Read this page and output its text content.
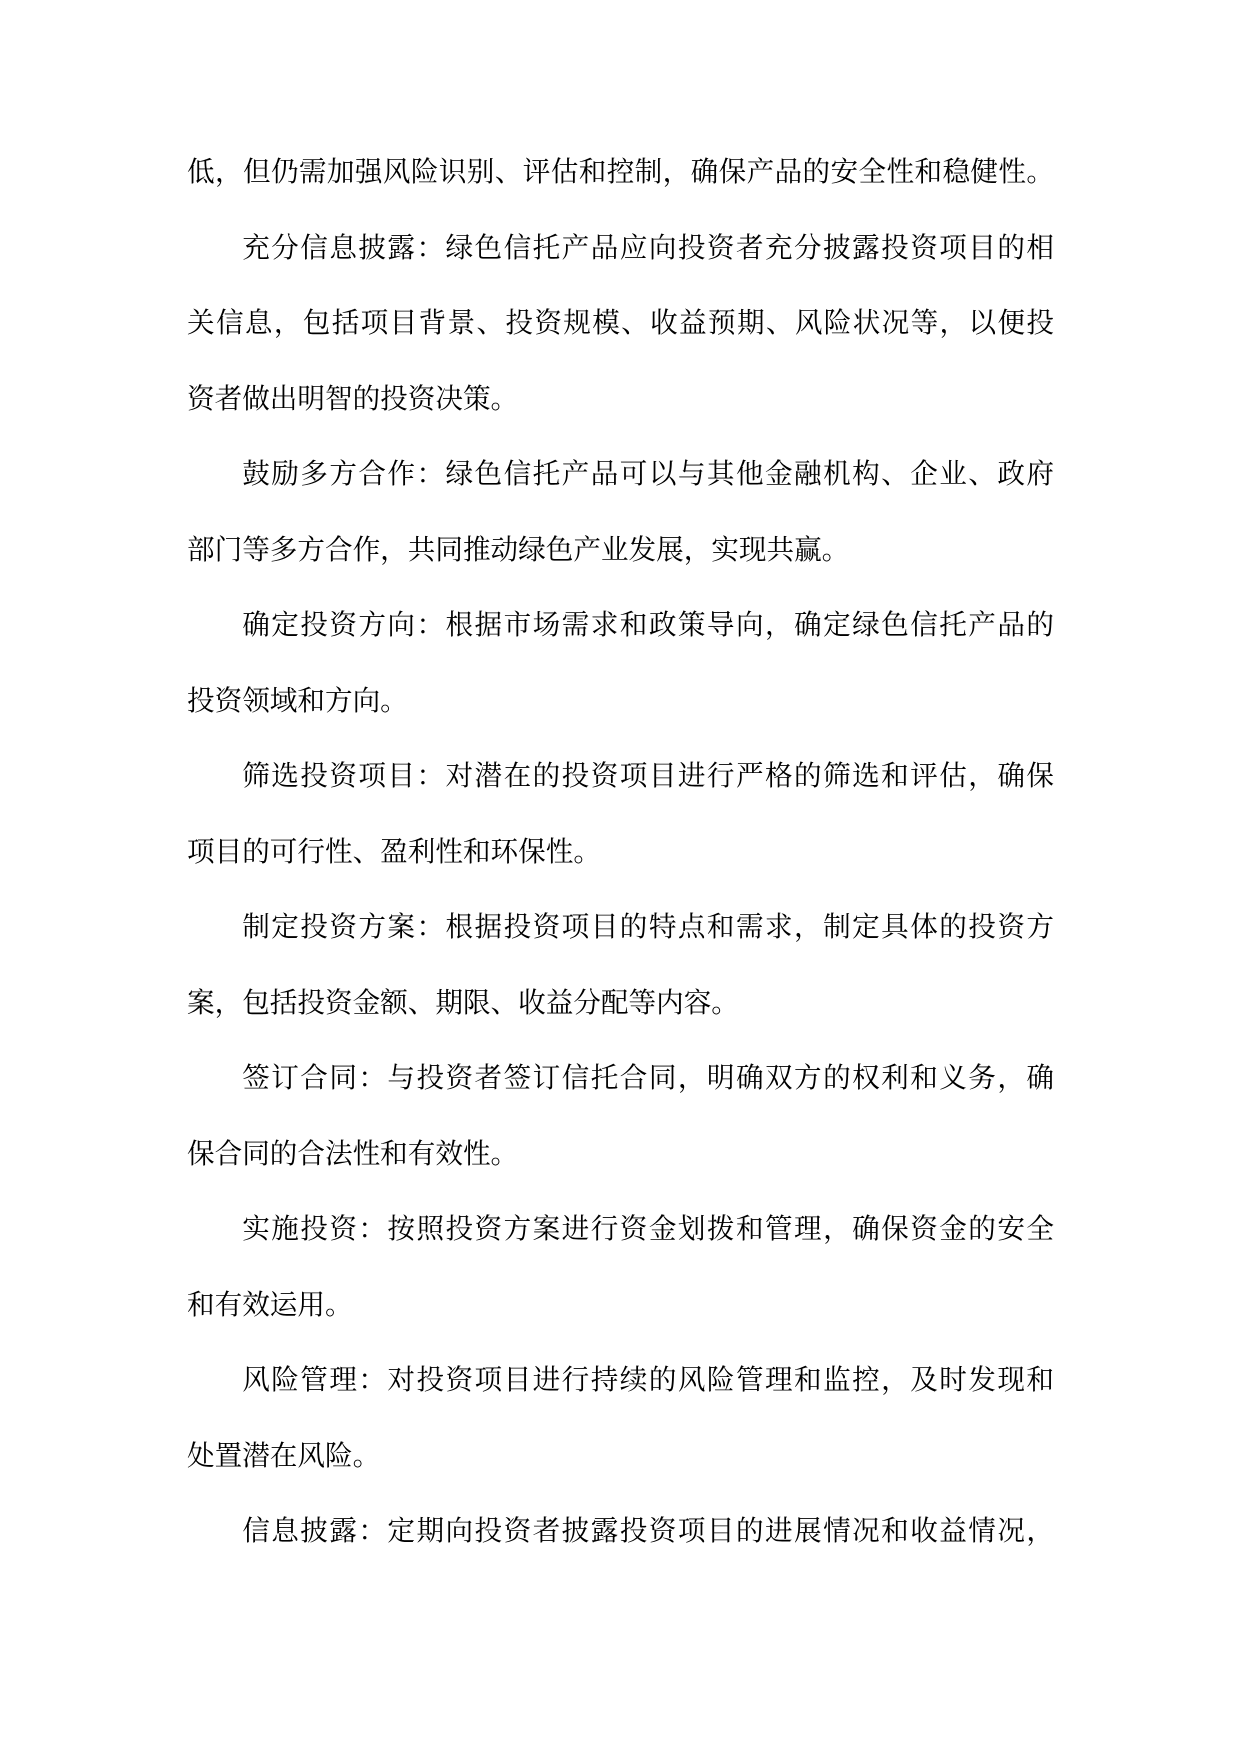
低，但仍需加强风险识别、评估和控制，确保产品的安全性和稳健性。
充分信息披露：绿色信托产品应向投资者充分披露投资项目的相
关信息，包括项目背景、投资规模、收益预期、风险状况等，以便投
资者做出明智的投资决策。
鼓励多方合作：绿色信托产品可以与其他金融机构、企业、政府
部门等多方合作，共同推动绿色产业发展，实现共赢。
确定投资方向：根据市场需求和政策导向，确定绿色信托产品的
投资领域和方向。
筛选投资项目：对潜在的投资项目进行严格的筛选和评估，确保
项目的可行性、盈利性和环保性。
制定投资方案：根据投资项目的特点和需求，制定具体的投资方
案，包括投资金额、期限、收益分配等内容。
签订合同：与投资者签订信托合同，明确双方的权利和义务，确
保合同的合法性和有效性。
实施投资：按照投资方案进行资金划拨和管理，确保资金的安全
和有效运用。
风险管理：对投资项目进行持续的风险管理和监控，及时发现和
处置潜在风险。
信息披露：定期向投资者披露投资项目的进展情况和收益情况，
